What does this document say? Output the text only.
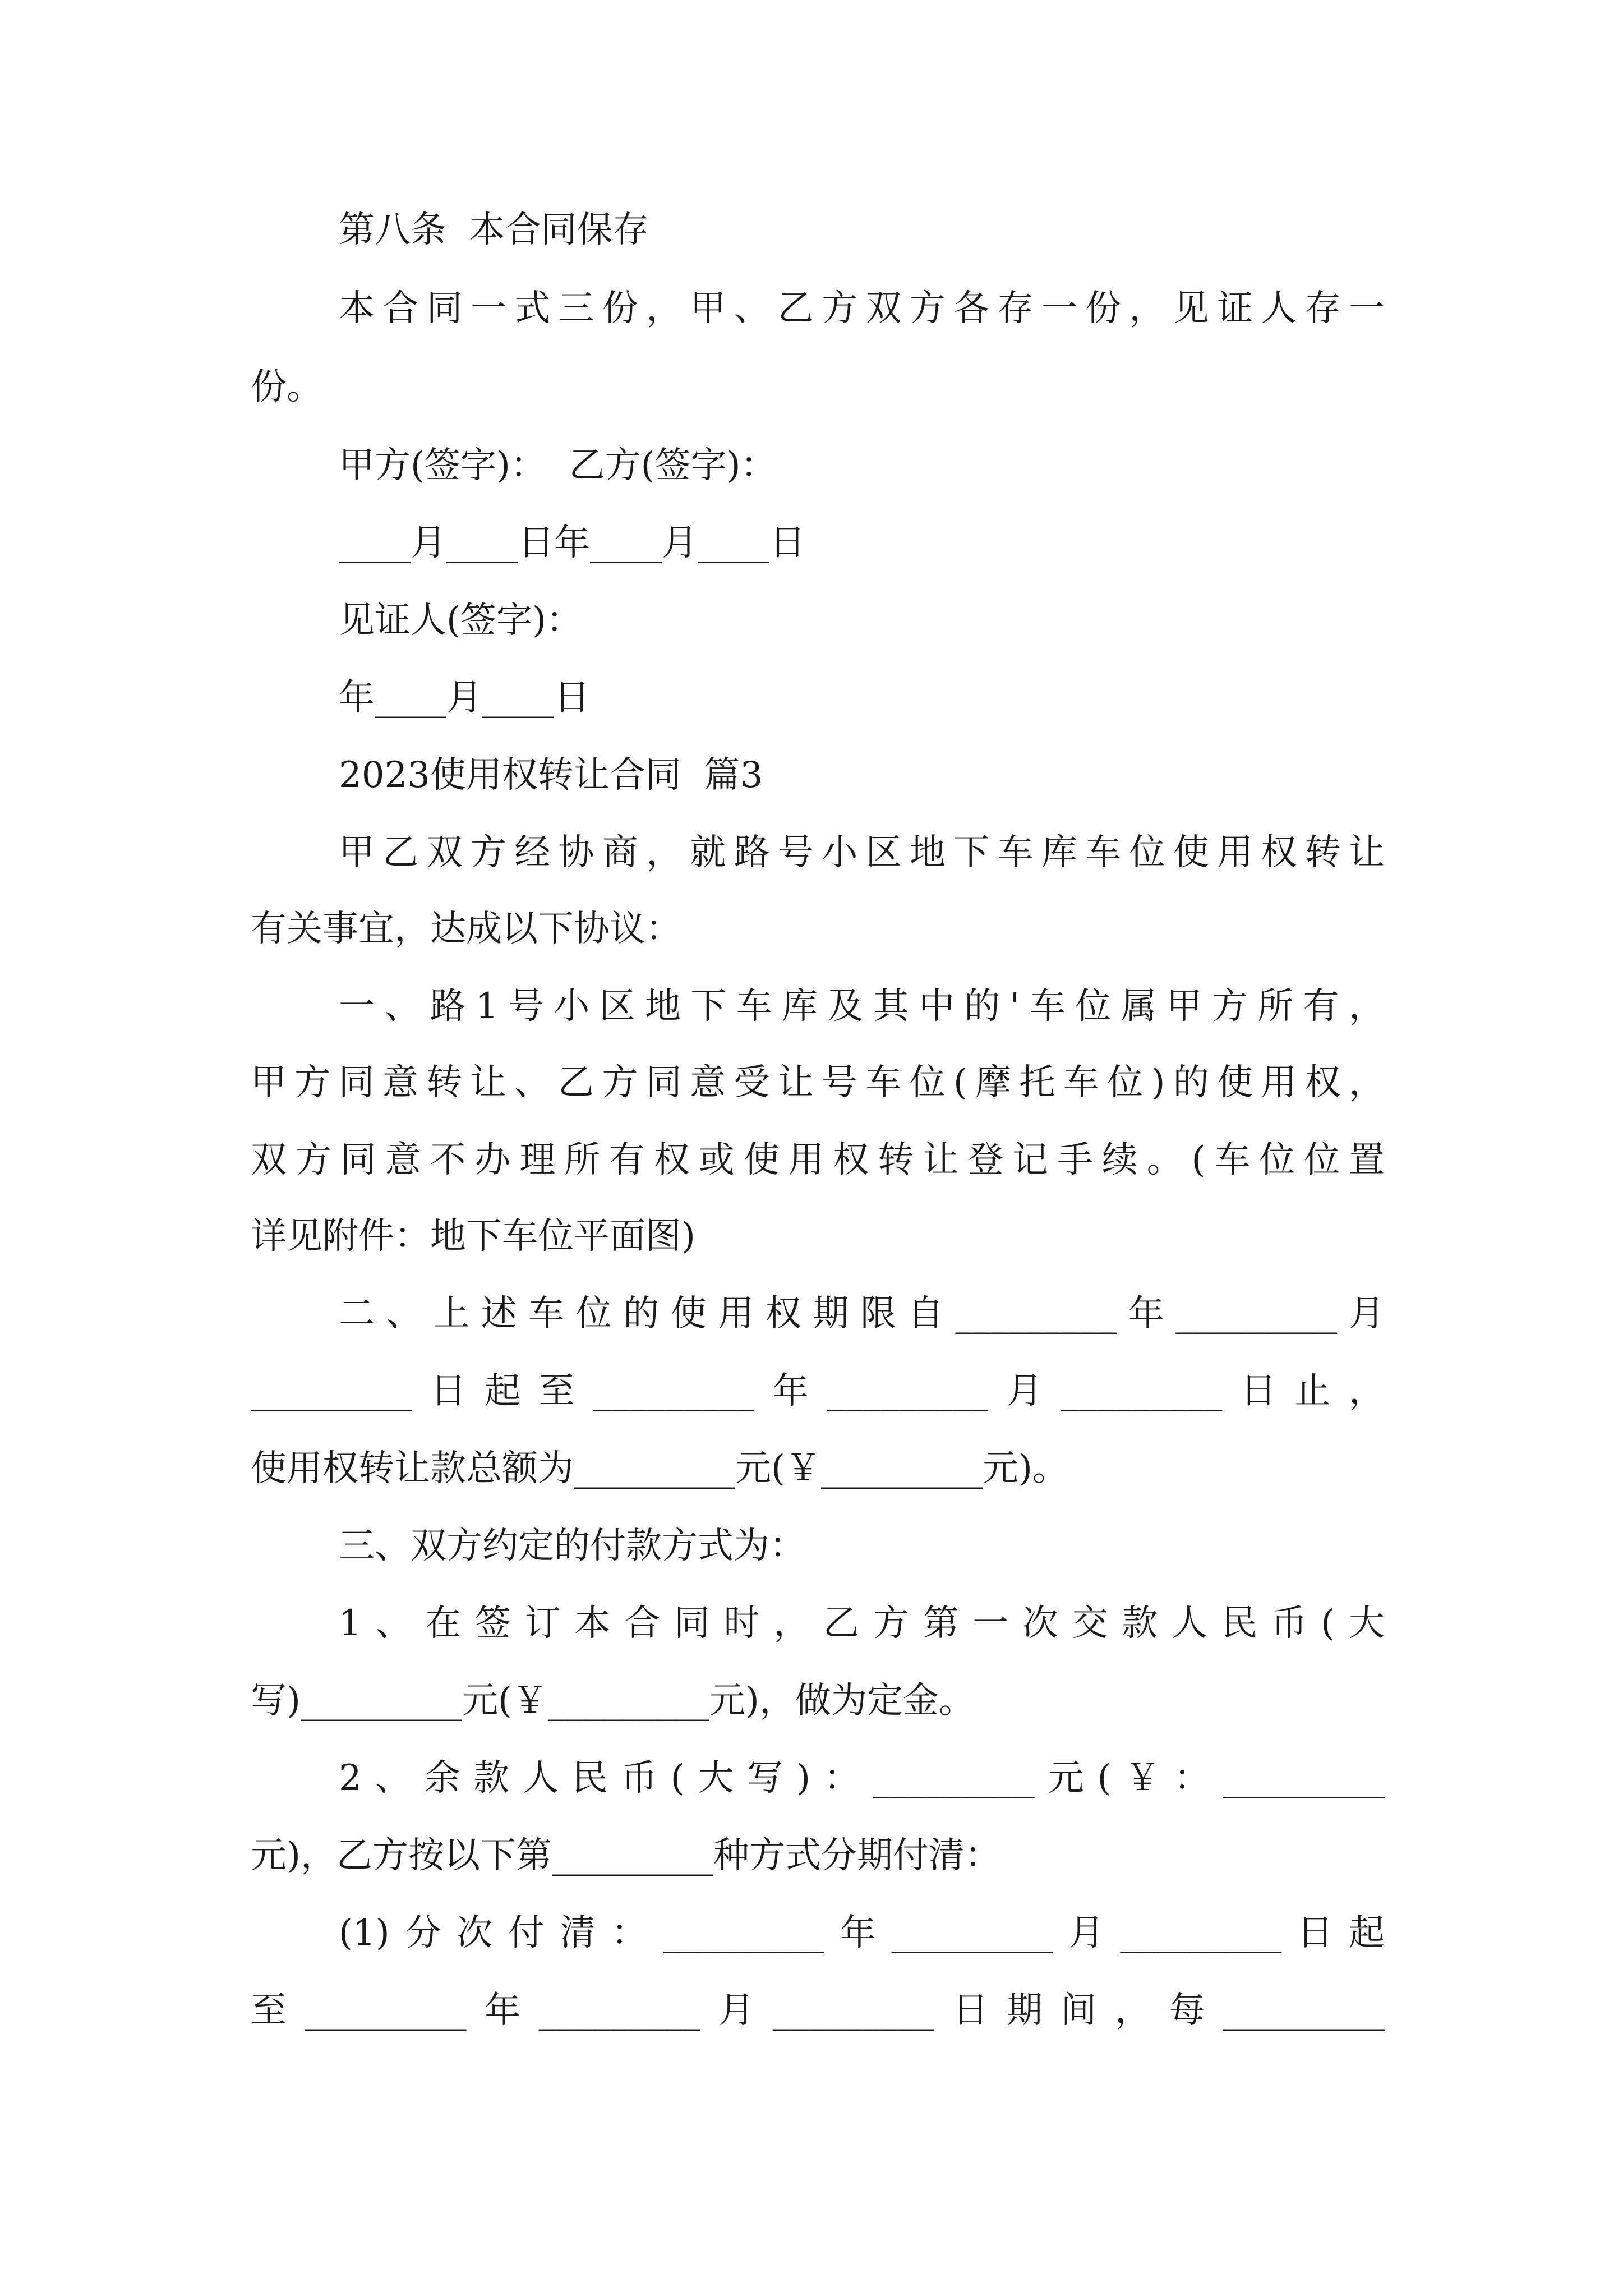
第八条  本合同保存
本合同一式三份，甲、乙方双方各存一份，见证人存一
份。
甲方(签字)：  乙方(签字)：
____月____日年____月____日
见证人(签字)：
年____月____日
2023使用权转让合同  篇3
甲乙双方经协商，就路号小区地下车库车位使用权转让
有关事宜，达成以下协议：
一、路1号小区地下车库及其中的'车位属甲方所有，
甲方同意转让、乙方同意受让号车位(摩托车位)的使用权，
双方同意不办理所有权或使用权转让登记手续。(车位位置
详见附件：地下车位平面图)
二、上述车位的使用权期限自_________年_________月
_________日起至_________年_________月_________日止，
使用权转让款总额为_________元(￥_________元)。
三、双方约定的付款方式为：
1、在签订本合同时，乙方第一次交款人民币(大
写)_________元(￥_________元)，做为定金。
2、余款人民币(大写)：_________元(￥：_________
元)，乙方按以下第_________种方式分期付清：
(1)分次付清：_________年_________月_________日起
至_________年_________月_________日期间，每_________
